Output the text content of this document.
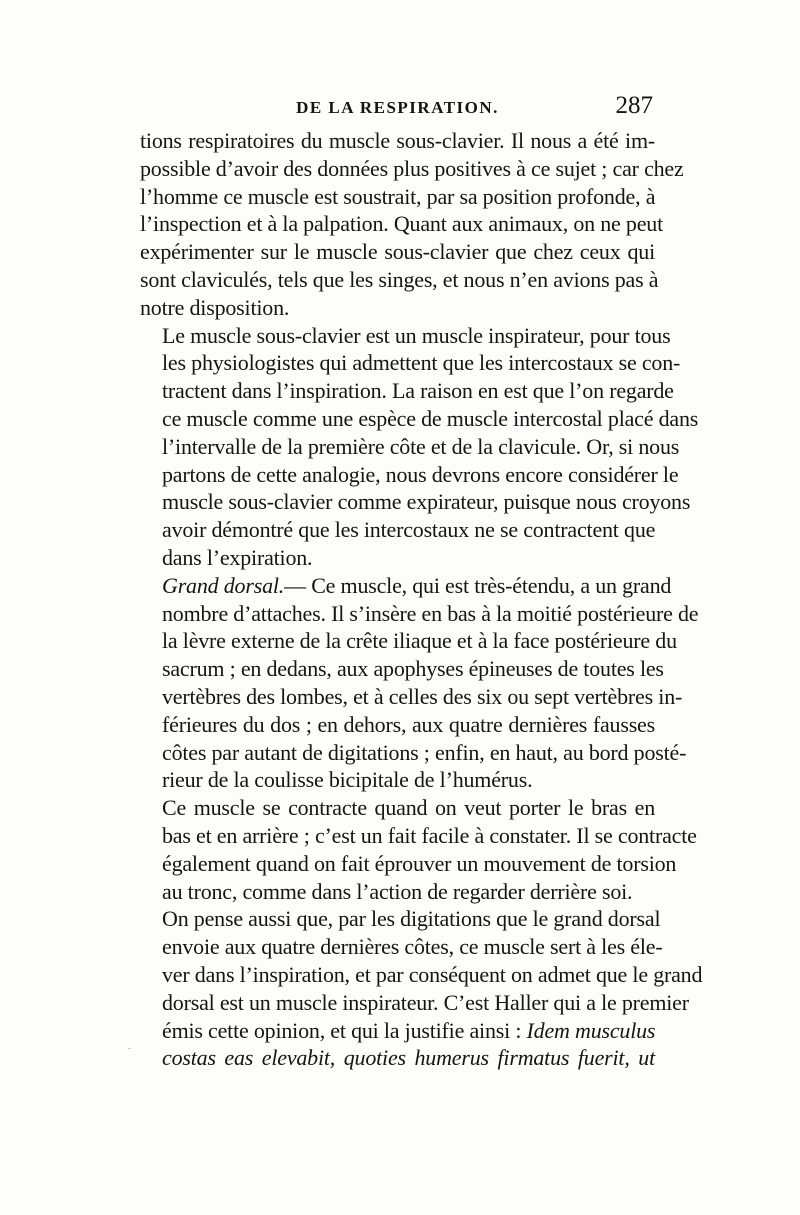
DE LA RESPIRATION.	287

tions respiratoires du muscle sous-clavier. Il nous a été im-
possible d’avoir des données plus positives à ce sujet ; car chez
l’homme ce muscle est soustrait, par sa position profonde, à
l’inspection et à la palpation. Quant aux animaux, on ne peut
expérimenter sur le muscle sous-clavier que chez ceux qui
sont claviculés, tels que les singes, et nous n’en avions pas à
notre disposition.

Le muscle sous-clavier est un muscle inspirateur, pour tous
les physiologistes qui admettent que les intercostaux se con-
tractent dans l’inspiration. La raison en est que l’on regarde
ce muscle comme une espèce de muscle intercostal placé dans
l’intervalle de la première côte et de la clavicule. Or, si nous
partons de cette analogie, nous devrons encore considérer le
muscle sous-clavier comme expirateur, puisque nous croyons
avoir démontré que les intercostaux ne se contractent que
dans l’expiration.

Grand dorsal.— Ce muscle, qui est très-étendu, a un grand
nombre d’attaches. Il s’insère en bas à la moitié postérieure de
la lèvre externe de la crête iliaque et à la face postérieure du
sacrum ; en dedans, aux apophyses épineuses de toutes les
vertèbres des lombes, et à celles des six ou sept vertèbres in-
férieures du dos ; en dehors, aux quatre dernières fausses
côtes par autant de digitations ; enfin, en haut, au bord posté-
rieur de la coulisse bicipitale de l’humérus.

Ce muscle se contracte quand on veut porter le bras en
bas et en arrière ; c’est un fait facile à constater. Il se contracte
également quand on fait éprouver un mouvement de torsion
au tronc, comme dans l’action de regarder derrière soi.

On pense aussi que, par les digitations que le grand dorsal
envoie aux quatre dernières côtes, ce muscle sert à les éle-
ver dans l’inspiration, et par conséquent on admet que le grand
dorsal est un muscle inspirateur. C’est Haller qui a le premier
émis cette opinion, et qui la justifie ainsi : Idem musculus
costas eas elevabit, quoties humerus firmatus fuerit, ut
